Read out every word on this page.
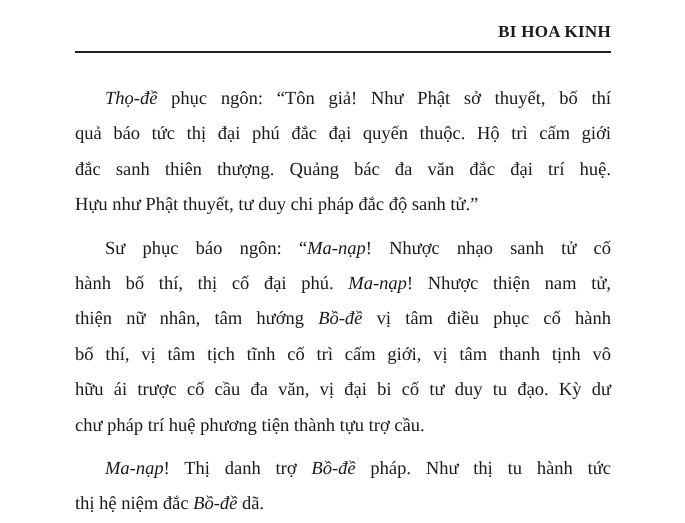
BI HOA KINH
Thọ-đề phục ngôn: “Tôn giả! Như Phật sở thuyết, bố thí
quả báo tức thị đại phú đắc đại quyến thuộc. Hộ trì cấm giới
đắc sanh thiên thượng. Quảng bác đa văn đắc đại trí huệ.
Hựu như Phật thuyết, tư duy chi pháp đắc độ sanh tử.”
Sư phục báo ngôn: “Ma-nạp! Nhược nhạo sanh tử cố
hành bố thí, thị cố đại phú. Ma-nạp! Nhược thiện nam tử,
thiện nữ nhân, tâm hướng Bồ-đề vị tâm điều phục cố hành
bố thí, vị tâm tịch tĩnh cố trì cấm giới, vị tâm thanh tịnh vô
hữu ái trược cố cầu đa văn, vị đại bi cố tư duy tu đạo. Kỳ dư
chư pháp trí huệ phương tiện thành tựu trợ cầu.
Ma-nạp! Thị danh trợ Bồ-đề pháp. Như thị tu hành tức
thị hệ niệm đắc Bồ-đề dã.
